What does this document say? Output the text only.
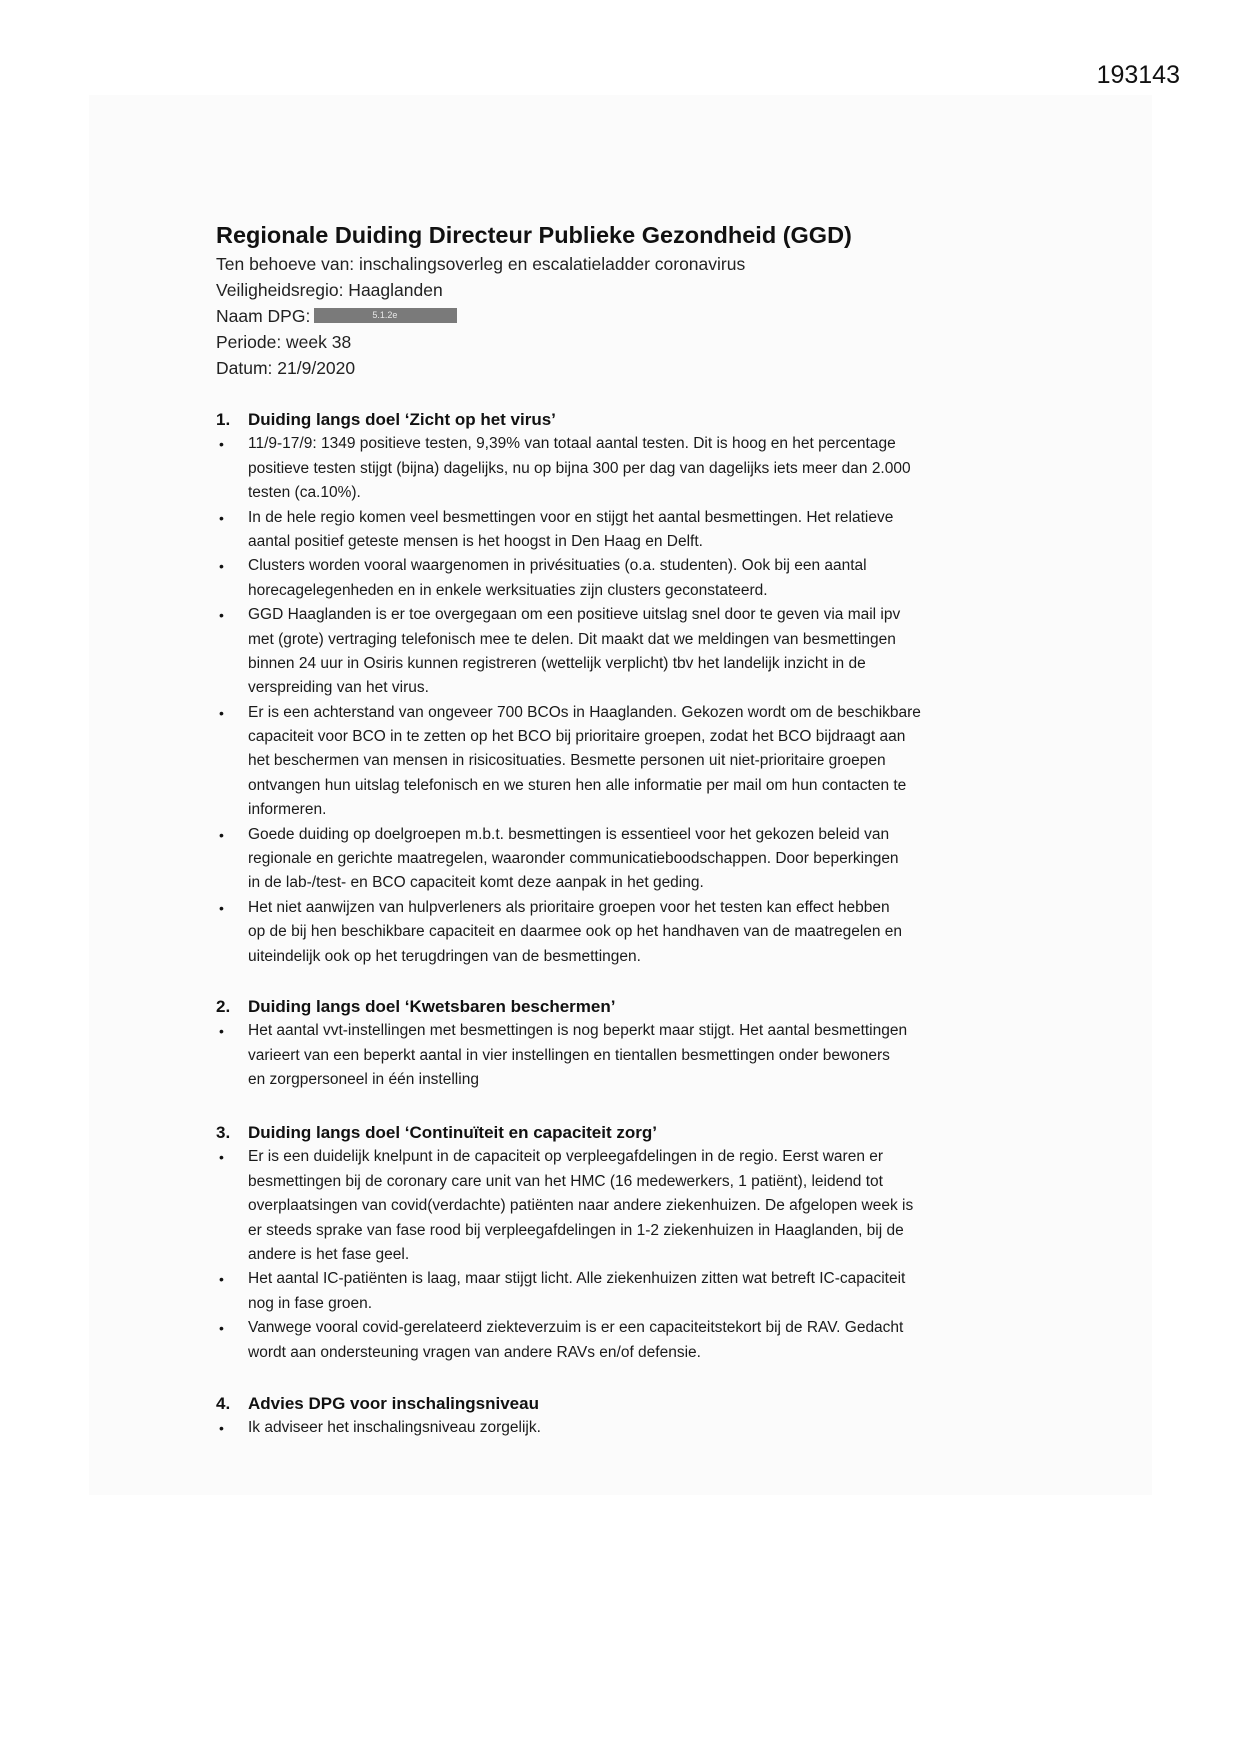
193143
Regionale Duiding Directeur Publieke Gezondheid (GGD)
Ten behoeve van: inschalingsoverleg en escalatieladder coronavirus
Veiligheidsregio: Haaglanden
Naam DPG:	5.1.2e
Periode: week 38
Datum: 21/9/2020
1. Duiding langs doel ‘Zicht op het virus’
•
11/9-17/9: 1349 positieve testen, 9,39% van totaal aantal testen. Dit is hoog en het percentage
positieve testen stijgt (bijna) dagelijks, nu op bijna 300 per dag van dagelijks iets meer dan 2.000
testen (ca.10%).
•
In de hele regio komen veel besmettingen voor en stijgt het aantal besmettingen. Het relatieve
aantal positief geteste mensen is het hoogst in Den Haag en Delft.
•
Clusters worden vooral waargenomen in privésituaties (o.a. studenten). Ook bij een aantal
horecagelegenheden en in enkele werksituaties zijn clusters geconstateerd.
•
GGD Haaglanden is er toe overgegaan om een positieve uitslag snel door te geven via mail ipv
met (grote) vertraging telefonisch mee te delen. Dit maakt dat we meldingen van besmettingen
binnen 24 uur in Osiris kunnen registreren (wettelijk verplicht) tbv het landelijk inzicht in de
verspreiding van het virus.
•
Er is een achterstand van ongeveer 700 BCOs in Haaglanden. Gekozen wordt om de beschikbare
capaciteit voor BCO in te zetten op het BCO bij prioritaire groepen, zodat het BCO bijdraagt aan
het beschermen van mensen in risicosituaties. Besmette personen uit niet-prioritaire groepen
ontvangen hun uitslag telefonisch en we sturen hen alle informatie per mail om hun contacten te
informeren.
•
Goede duiding op doelgroepen m.b.t. besmettingen is essentieel voor het gekozen beleid van
regionale en gerichte maatregelen, waaronder communicatieboodschappen. Door beperkingen
in de lab-/test- en BCO capaciteit komt deze aanpak in het geding.
•
Het niet aanwijzen van hulpverleners als prioritaire groepen voor het testen kan effect hebben
op de bij hen beschikbare capaciteit en daarmee ook op het handhaven van de maatregelen en
uiteindelijk ook op het terugdringen van de besmettingen.
2. Duiding langs doel ‘Kwetsbaren beschermen’
•
Het aantal vvt-instellingen met besmettingen is nog beperkt maar stijgt. Het aantal besmettingen
varieert van een beperkt aantal in vier instellingen en tientallen besmettingen onder bewoners
en zorgpersoneel in één instelling
3. Duiding langs doel ‘Continuïteit en capaciteit zorg’
•
Er is een duidelijk knelpunt in de capaciteit op verpleegafdelingen in de regio. Eerst waren er
besmettingen bij de coronary care unit van het HMC (16 medewerkers, 1 patiënt), leidend tot
overplaatsingen van covid(verdachte) patiënten naar andere ziekenhuizen. De afgelopen week is
er steeds sprake van fase rood bij verpleegafdelingen in 1-2 ziekenhuizen in Haaglanden, bij de
andere is het fase geel.
•
Het aantal IC-patiënten is laag, maar stijgt licht. Alle ziekenhuizen zitten wat betreft IC-capaciteit
nog in fase groen.
•
Vanwege vooral covid-gerelateerd ziekteverzuim is er een capaciteitstekort bij de RAV. Gedacht
wordt aan ondersteuning vragen van andere RAVs en/of defensie.
4. Advies DPG voor inschalingsniveau
•
Ik adviseer het inschalingsniveau zorgelijk.
